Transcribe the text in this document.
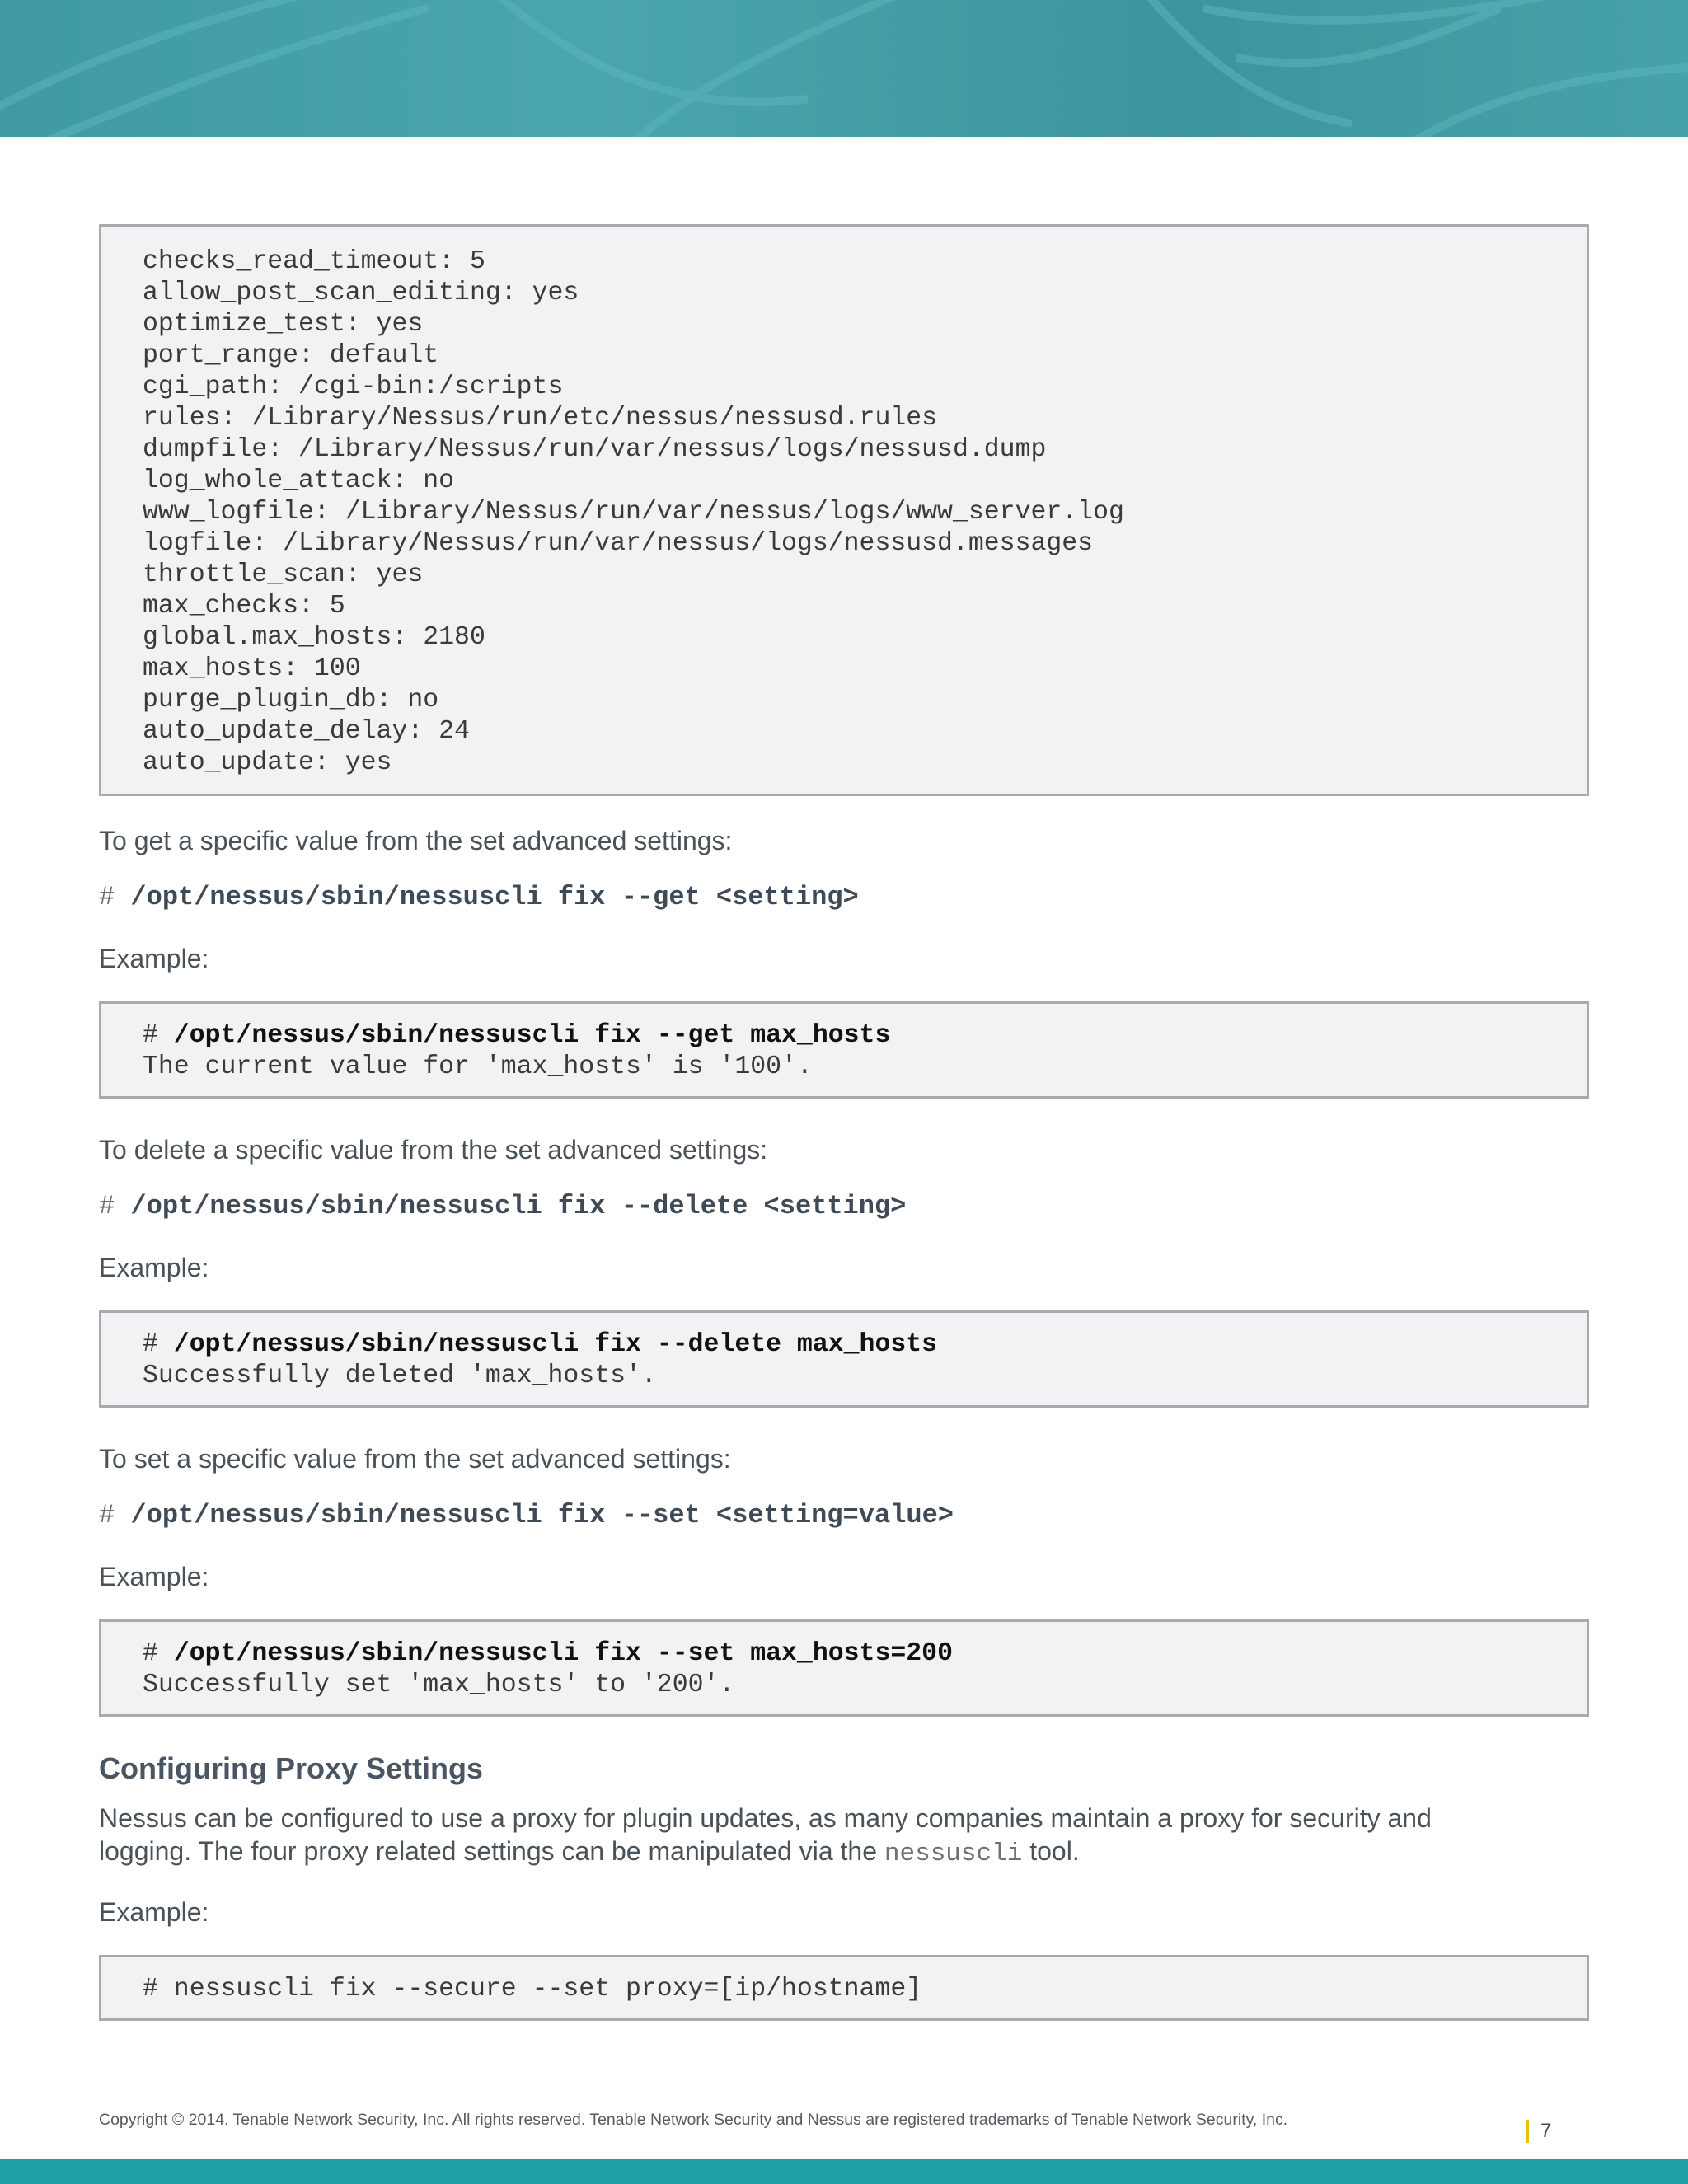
checks_read_timeout: 5
allow_post_scan_editing: yes
optimize_test: yes
port_range: default
cgi_path: /cgi-bin:/scripts
rules: /Library/Nessus/run/etc/nessus/nessusd.rules
dumpfile: /Library/Nessus/run/var/nessus/logs/nessusd.dump
log_whole_attack: no
www_logfile: /Library/Nessus/run/var/nessus/logs/www_server.log
logfile: /Library/Nessus/run/var/nessus/logs/nessusd.messages
throttle_scan: yes
max_checks: 5
global.max_hosts: 2180
max_hosts: 100
purge_plugin_db: no
auto_update_delay: 24
auto_update: yes
To get a specific value from the set advanced settings:
# /opt/nessus/sbin/nessuscli fix --get <setting>
Example:
# /opt/nessus/sbin/nessuscli fix --get max_hosts
The current value for 'max_hosts' is '100'.
To delete a specific value from the set advanced settings:
# /opt/nessus/sbin/nessuscli fix --delete <setting>
Example:
# /opt/nessus/sbin/nessuscli fix --delete max_hosts
Successfully deleted 'max_hosts'.
To set a specific value from the set advanced settings:
# /opt/nessus/sbin/nessuscli fix --set <setting=value>
Example:
# /opt/nessus/sbin/nessuscli fix --set max_hosts=200
Successfully set 'max_hosts' to '200'.
Configuring Proxy Settings
Nessus can be configured to use a proxy for plugin updates, as many companies maintain a proxy for security and
logging. The four proxy related settings can be manipulated via the nessuscli tool.
Example:
# nessuscli fix --secure --set proxy=[ip/hostname]
Copyright © 2014. Tenable Network Security, Inc. All rights reserved. Tenable Network Security and Nessus are registered trademarks of Tenable Network Security, Inc.	7
